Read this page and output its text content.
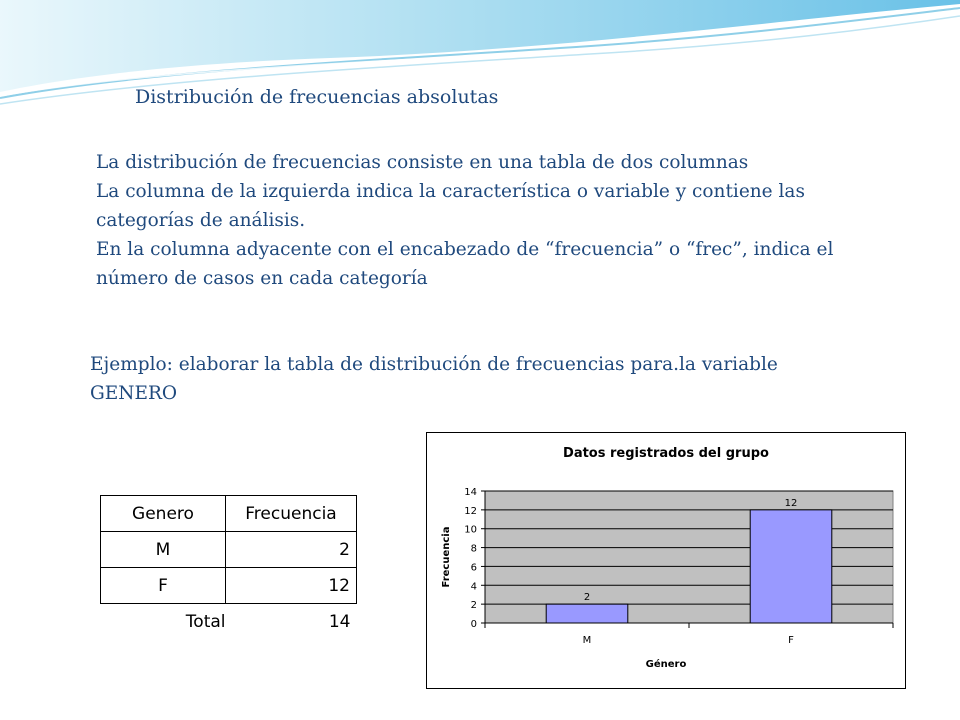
Distribución de frecuencias absolutas

La distribución de frecuencias consiste en una tabla de dos columnas

La columna de la izquierda indica la característica o variable y contiene las categorías de análisis.

En la columna adyacente con el encabezado de “frecuencia” o “frec”, indica el número de casos en cada categoría

Ejemplo: elaborar la tabla de distribución de frecuencias para.la variable GENERO
Genero	Frecuencia
M	2
F	12
Total	14
Datos registrados del grupo
0
2
4
6
8
10
12
14
2
M
12
F
Género
Frecuencia
